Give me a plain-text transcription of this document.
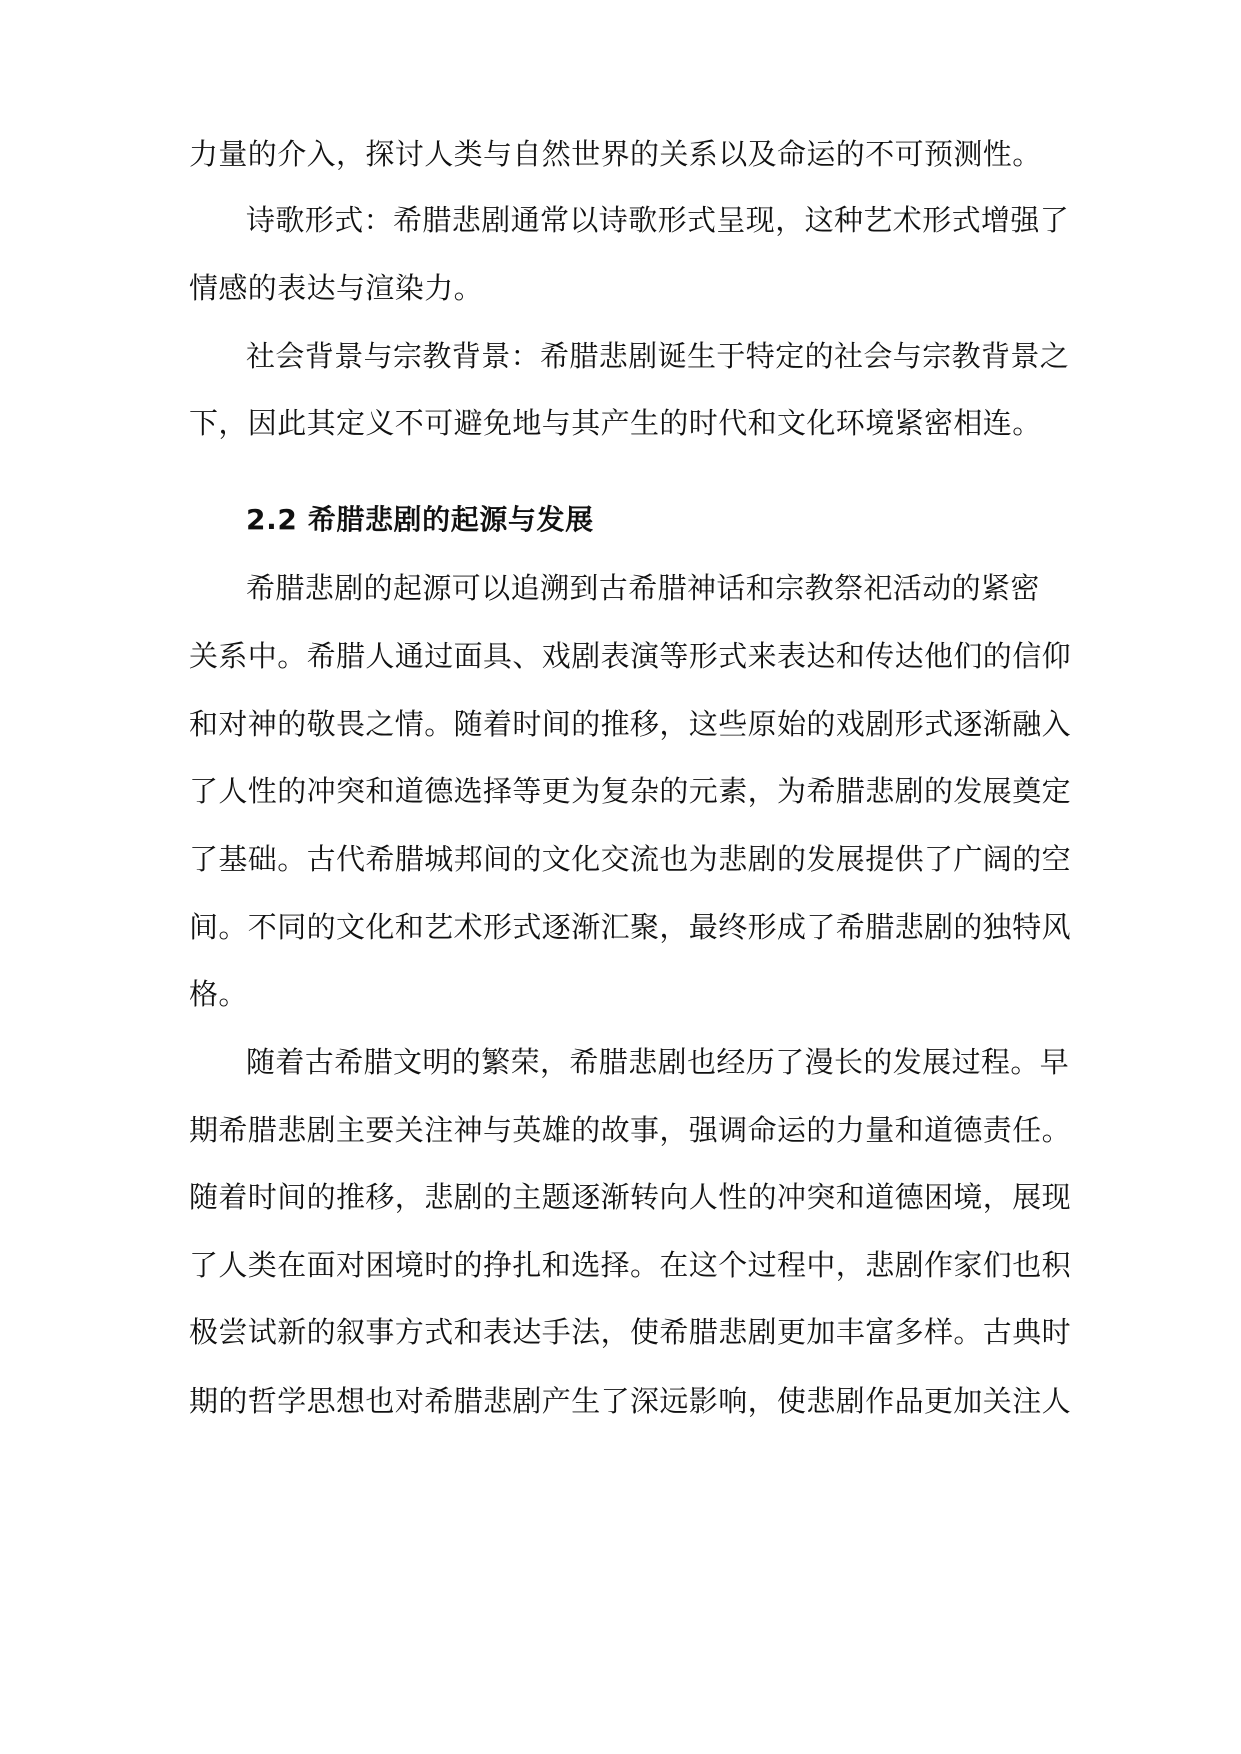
力量的介入，探讨人类与自然世界的关系以及命运的不可预测性。
诗歌形式：希腊悲剧通常以诗歌形式呈现，这种艺术形式增强了
情感的表达与渲染力。
社会背景与宗教背景：希腊悲剧诞生于特定的社会与宗教背景之
下，因此其定义不可避免地与其产生的时代和文化环境紧密相连。
2.2 希腊悲剧的起源与发展
希腊悲剧的起源可以追溯到古希腊神话和宗教祭祀活动的紧密
关系中。希腊人通过面具、戏剧表演等形式来表达和传达他们的信仰
和对神的敬畏之情。随着时间的推移，这些原始的戏剧形式逐渐融入
了人性的冲突和道德选择等更为复杂的元素，为希腊悲剧的发展奠定
了基础。古代希腊城邦间的文化交流也为悲剧的发展提供了广阔的空
间。不同的文化和艺术形式逐渐汇聚，最终形成了希腊悲剧的独特风
格。
随着古希腊文明的繁荣，希腊悲剧也经历了漫长的发展过程。早
期希腊悲剧主要关注神与英雄的故事，强调命运的力量和道德责任。
随着时间的推移，悲剧的主题逐渐转向人性的冲突和道德困境，展现
了人类在面对困境时的挣扎和选择。在这个过程中，悲剧作家们也积
极尝试新的叙事方式和表达手法，使希腊悲剧更加丰富多样。古典时
期的哲学思想也对希腊悲剧产生了深远影响，使悲剧作品更加关注人
